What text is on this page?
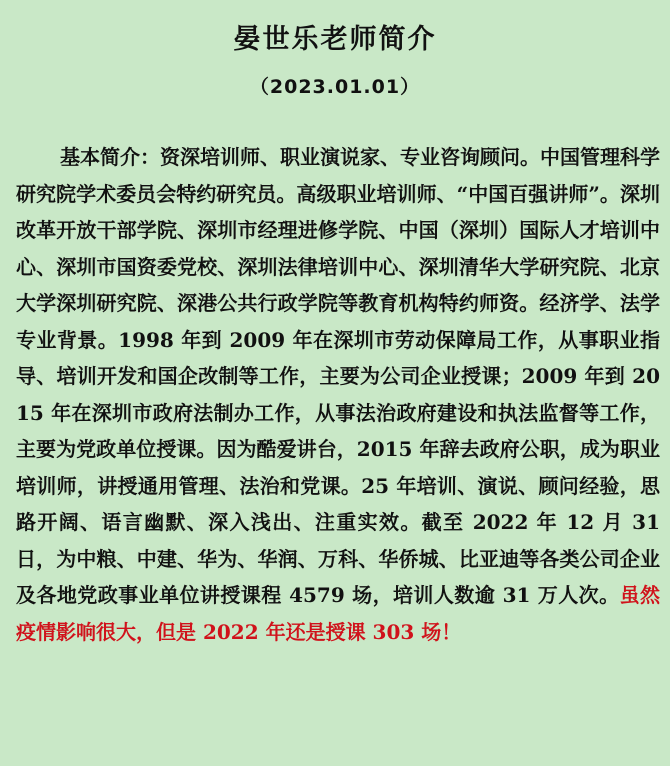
晏世乐老师简介
（2023.01.01）

基本简介：资深培训师、职业演说家、专业咨询顾问。中国管理科学研究院学术委员会特约研究员。高级职业培训师、“中国百强讲师”。深圳改革开放干部学院、深圳市经理进修学院、中国（深圳）国际人才培训中心、深圳市国资委党校、深圳法律培训中心、深圳清华大学研究院、北京大学深圳研究院、深港公共行政学院等教育机构特约师资。经济学、法学专业背景。1998 年到 2009 年在深圳市劳动保障局工作，从事职业指导、培训开发和国企改制等工作，主要为公司企业授课；2009 年到 2015 年在深圳市政府法制办工作，从事法治政府建设和执法监督等工作，主要为党政单位授课。因为酷爱讲台，2015 年辞去政府公职，成为职业培训师，讲授通用管理、法治和党课。25 年培训、演说、顾问经验，思路开阔、语言幽默、深入浅出、注重实效。截至 2022 年 12 月 31 日，为中粮、中建、华为、华润、万科、华侨城、比亚迪等各类公司企业及各地党政事业单位讲授课程 4579 场，培训人数逾 31 万人次。虽然疫情影响很大，但是 2022 年还是授课 303 场！
